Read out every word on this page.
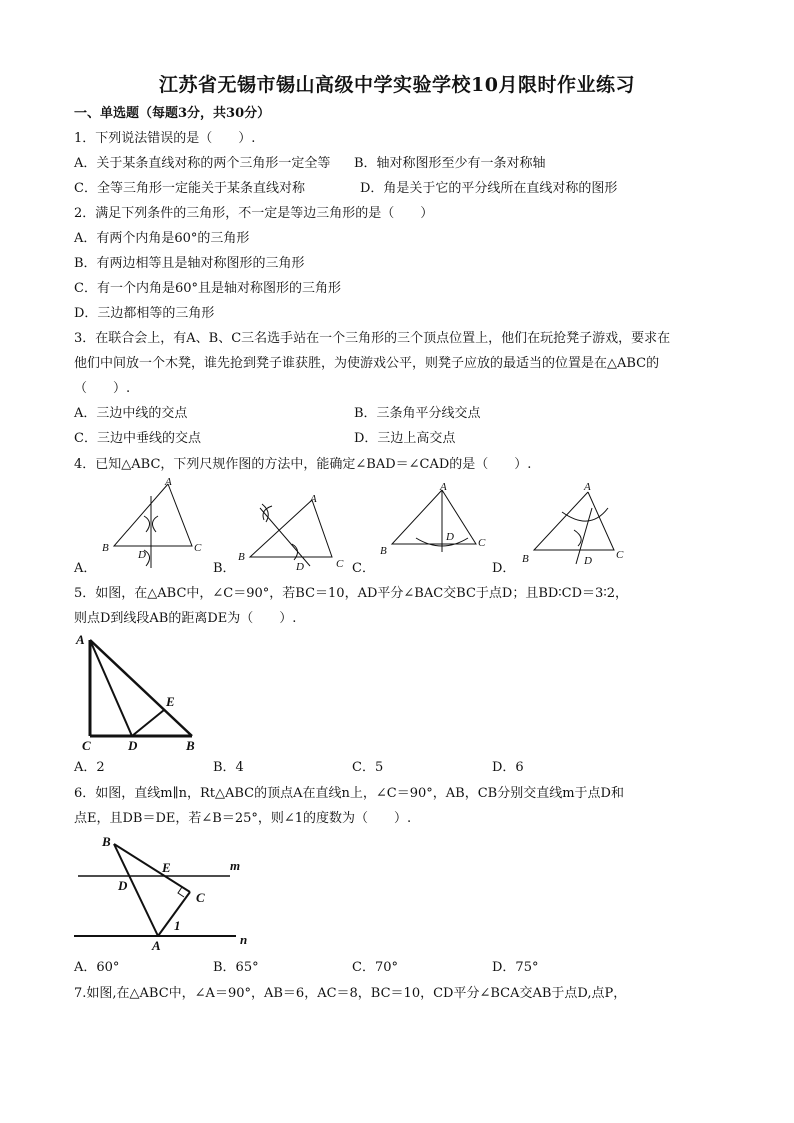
江苏省无锡市锡山高级中学实验学校10月限时作业练习
一、单选题（每题3分，共30分）
1．下列说法错误的是（　　）.
A．关于某条直线对称的两个三角形一定全等 B．轴对称图形至少有一条对称轴
C．全等三角形一定能关于某条直线对称	D．角是关于它的平分线所在直线对称的图形
2．满足下列条件的三角形，不一定是等边三角形的是（　　）
A．有两个内角是60°的三角形
B．有两边相等且是轴对称图形的三角形
C．有一个内角是60°且是轴对称图形的三角形
D．三边都相等的三角形
3．在联合会上，有A、B、C三名选手站在一个三角形的三个顶点位置上，他们在玩抢凳子游戏，要求在
他们中间放一个木凳，谁先抢到凳子谁获胜，为使游戏公平，则凳子应放的最适当的位置是在△ABC的
（　　）.
A．三边中线的交点	B．三条角平分线交点
C．三边中垂线的交点	D．三边上高交点
4．已知△ABC，下列尺规作图的方法中，能确定∠BAD＝∠CAD的是（　　）.
A
B	C
D
A．
A
B
C
D
B．
A
B
C
D
C．
A
B	C
D
D．
5．如图，在△ABC中，∠C＝90°，若BC＝10，AD平分∠BAC交BC于点D；且BD∶CD＝3∶2，
则点D到线段AB的距离DE为（　　）.
A
E
C	D	B
A．2	B．4	C．5	D．6
6．如图，直线m∥n，Rt△ABC的顶点A在直线n上，∠C＝90°，AB，CB分别交直线m于点D和
点E，且DB＝DE，若∠B＝25°，则∠1的度数为（　　）.
B
E	m
D
C
1
A	n
A．60°	B．65°	C．70°	D．75°
7.如图,在△ABC中，∠A＝90°，AB＝6，AC＝8，BC＝10，CD平分∠BCA交AB于点D,点P，
